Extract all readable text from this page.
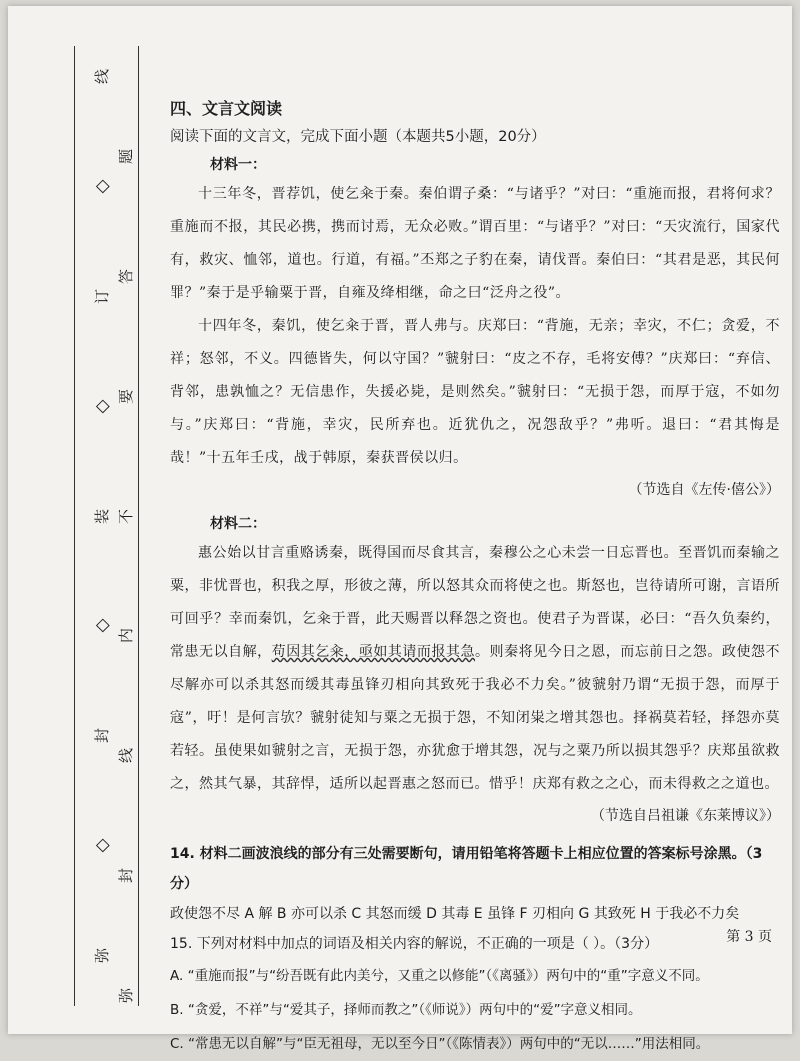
线
◇
订
◇
装
◇
封
◇
弥
题
答
要
不
内
线
封
弥

四、文言文阅读

阅读下面的文言文，完成下面小题（本题共5小题，20分）

材料一：

十三年冬，晋荐饥，使乞籴于秦。秦伯谓子桑：“与诸乎？”对曰：“重施而报，君将何求？重施而不报，其民必携，携而讨焉，无众必败。”谓百里：“与诸乎？”对曰：“天灾流行，国家代有，救灾、恤邻，道也。行道，有福。”丕郑之子豹在秦，请伐晋。秦伯曰：“其君是恶，其民何罪？”秦于是乎输粟于晋，自雍及绛相继，命之曰“泛舟之役”。

十四年冬，秦饥，使乞籴于晋，晋人弗与。庆郑曰：“背施，无亲；幸灾，不仁；贪爱，不祥；怒邻，不义。四德皆失，何以守国？”虢射曰：“皮之不存，毛将安傅？”庆郑曰：“弃信、背邻，患孰恤之？无信患作，失援必毙，是则然矣。”虢射曰：“无损于怨，而厚于寇，不如勿与。”庆郑曰：“背施，幸灾，民所弃也。近犹仇之，况怨敌乎？”弗听。退曰：“君其悔是哉！”十五年壬戌，战于韩原，秦获晋侯以归。

（节选自《左传·僖公》）

材料二：

惠公始以甘言重赂诱秦，既得国而尽食其言，秦穆公之心未尝一日忘晋也。至晋饥而秦输之粟，非忧晋也，积我之厚，形彼之薄，所以怒其众而将使之也。斯怒也，岂待请所可谢，言语所可回乎？幸而秦饥，乞籴于晋，此天赐晋以释怨之资也。使君子为晋谋，必曰：“吾久负秦约，常患无以自解，苟因其乞籴，亟如其请而报其急。则秦将见今日之恩，而忘前日之怨。政使怨不尽解亦可以杀其怒而缓其毒虽锋刃相向其致死于我必不力矣。”彼虢射乃谓“无损于怨，而厚于寇”，吁！是何言欤？虢射徒知与粟之无损于怨，不知闭粜之增其怨也。择祸莫若轻，择怨亦莫若轻。虽使果如虢射之言，无损于怨，亦犹愈于增其怨，况与之粟乃所以损其怨乎？庆郑虽欲救之，然其气暴，其辞悍，适所以起晋惠之怒而已。惜乎！庆郑有救之之心，而未得救之之道也。

（节选自吕祖谦《东莱博议》）

14. 材料二画波浪线的部分有三处需要断句，请用铅笔将答题卡上相应位置的答案标号涂黑。（3分）

政使怨不尽 A 解 B 亦可以杀 C 其怒而缓 D 其毒 E 虽锋 F 刃相向 G 其致死 H 于我必不力矣

15. 下列对材料中加点的词语及相关内容的解说，不正确的一项是（ ）。（3分）

A. “重施而报”与“纷吾既有此内美兮，又重之以修能”（《离骚》）两句中的“重”字意义不同。

B. “贪爱，不祥”与“爱其子，择师而教之”（《师说》）两句中的“爱”字意义相同。

C. “常患无以自解”与“臣无祖母，无以至今日”（《陈情表》）两句中的“无以……”用法相同。

第 3 页
